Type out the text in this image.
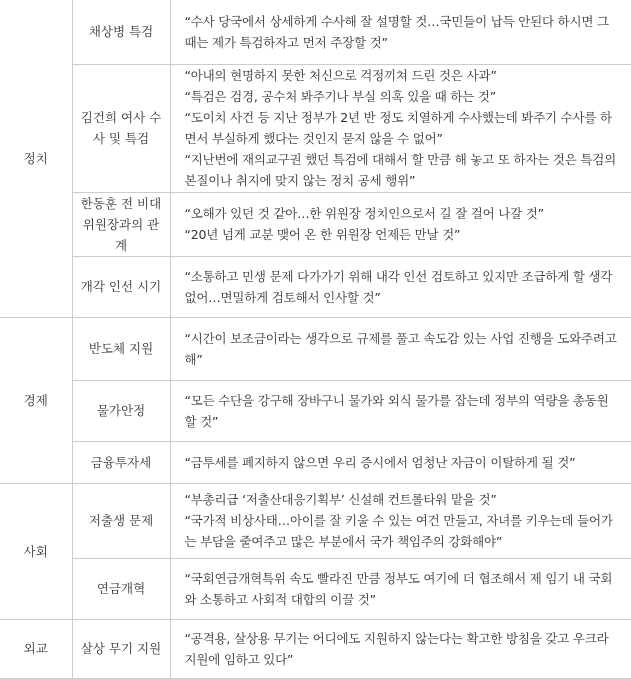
정치	채상병 특검	“수사 당국에서 상세하게 수사해 잘 설명할 것…국민들이 납득 안된다 하시면 그때는 제가 특검하자고 먼저 주장할 것”

	김건희 여사 수사 및 특검	“아내의 현명하지 못한 처신으로 걱정끼쳐 드린 것은 사과”
“특검은 검경, 공수처 봐주기나 부실 의혹 있을 때 하는 것”
“도이치 사건 등 지난 정부가 2년 반 정도 치열하게 수사했는데 봐주기 수사를 하면서 부실하게 했다는 것인지 묻지 않을 수 없어”
“지난번에 재의교구권 했던 특검에 대해서 할 만큼 해 놓고 또 하자는 것은 특검의 본질이나 취지에 맞지 않는 정치 공세 행위”

	한동훈 전 비대위원장과의 관계	“오해가 있던 것 같아…한 위원장 정치인으로서 길 잘 걸어 나갈 것”
“20년 넘게 교분 맺어 온 한 위원장 언제든 만날 것”

	개각 인선 시기	“소통하고 민생 문제 다가가기 위해 내각 인선 검토하고 있지만 조급하게 할 생각 없어…면밀하게 검토해서 인사할 것”

경제	반도체 지원	“시간이 보조금이라는 생각으로 규제를 풀고 속도감 있는 사업 진행을 도와주려고 해”

	물가안정	“모든 수단을 강구해 장바구니 물가와 외식 물가를 잡는데 정부의 역량을 총동원할 것”

	금융투자세	“금투세를 폐지하지 않으면 우리 증시에서 엄청난 자금이 이탈하게 될 것”

사회	저출생 문제	“부총리급 ‘저출산대응기획부’ 신설해 컨트롤타워 맡을 것”
“국가적 비상사태…아이를 잘 키울 수 있는 여건 만들고, 자녀를 키우는데 들어가는 부담을 줄여주고 많은 부분에서 국가 책임주의 강화해야”

	연금개혁	“국회연금개혁특위 속도 빨라진 만큼 정부도 여기에 더 협조해서 제 임기 내 국회와 소통하고 사회적 대합의 이끌 것”

외교	살상 무기 지원	“공격용, 살상용 무기는 어디에도 지원하지 않는다는 확고한 방침을 갖고 우크라 지원에 임하고 있다”
